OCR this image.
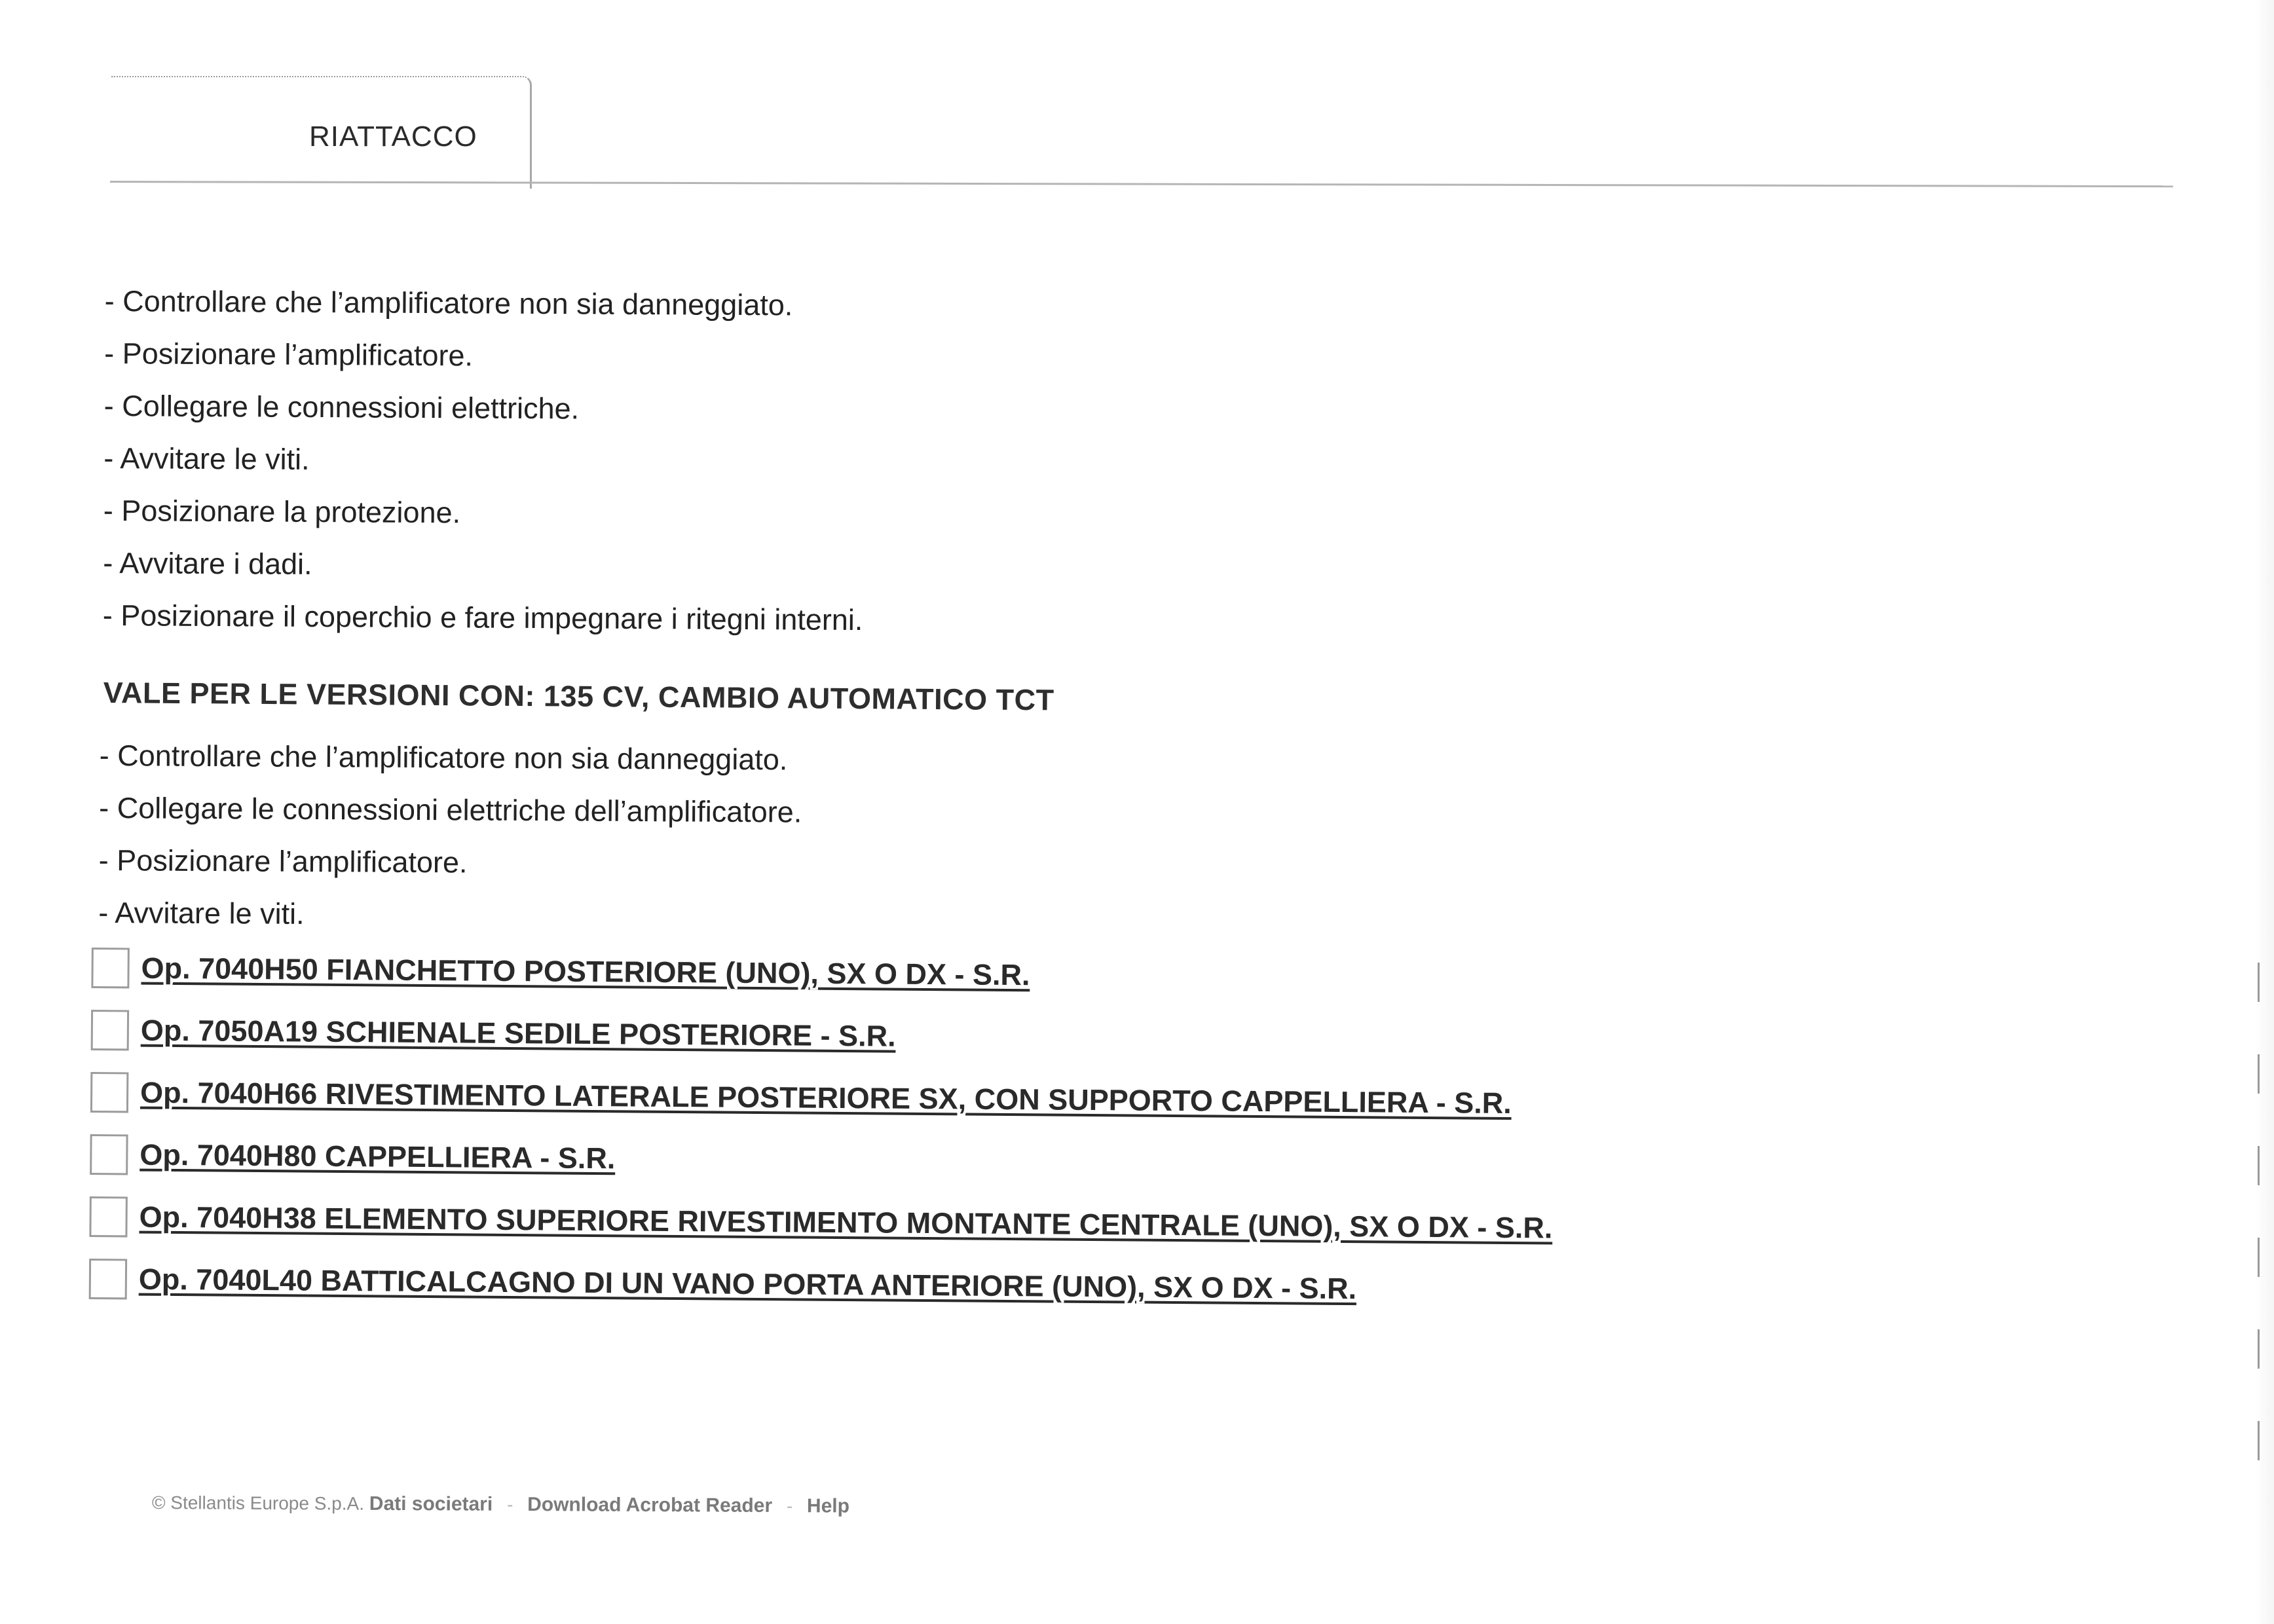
RIATTACCO
- Controllare che l’amplificatore non sia danneggiato.
- Posizionare l’amplificatore.
- Collegare le connessioni elettriche.
- Avvitare le viti.
- Posizionare la protezione.
- Avvitare i dadi.
- Posizionare il coperchio e fare impegnare i ritegni interni.
VALE PER LE VERSIONI CON: 135 CV, CAMBIO AUTOMATICO TCT
- Controllare che l’amplificatore non sia danneggiato.
- Collegare le connessioni elettriche dell’amplificatore.
- Posizionare l’amplificatore.
- Avvitare le viti.
Op. 7040H50 FIANCHETTO POSTERIORE (UNO), SX O DX - S.R.
Op. 7050A19 SCHIENALE SEDILE POSTERIORE - S.R.
Op. 7040H66 RIVESTIMENTO LATERALE POSTERIORE SX, CON SUPPORTO CAPPELLIERA - S.R.
Op. 7040H80 CAPPELLIERA - S.R.
Op. 7040H38 ELEMENTO SUPERIORE RIVESTIMENTO MONTANTE CENTRALE (UNO), SX O DX - S.R.
Op. 7040L40 BATTICALCAGNO DI UN VANO PORTA ANTERIORE (UNO), SX O DX - S.R.
© Stellantis Europe S.p.A. Dati societari - Download Acrobat Reader - Help
